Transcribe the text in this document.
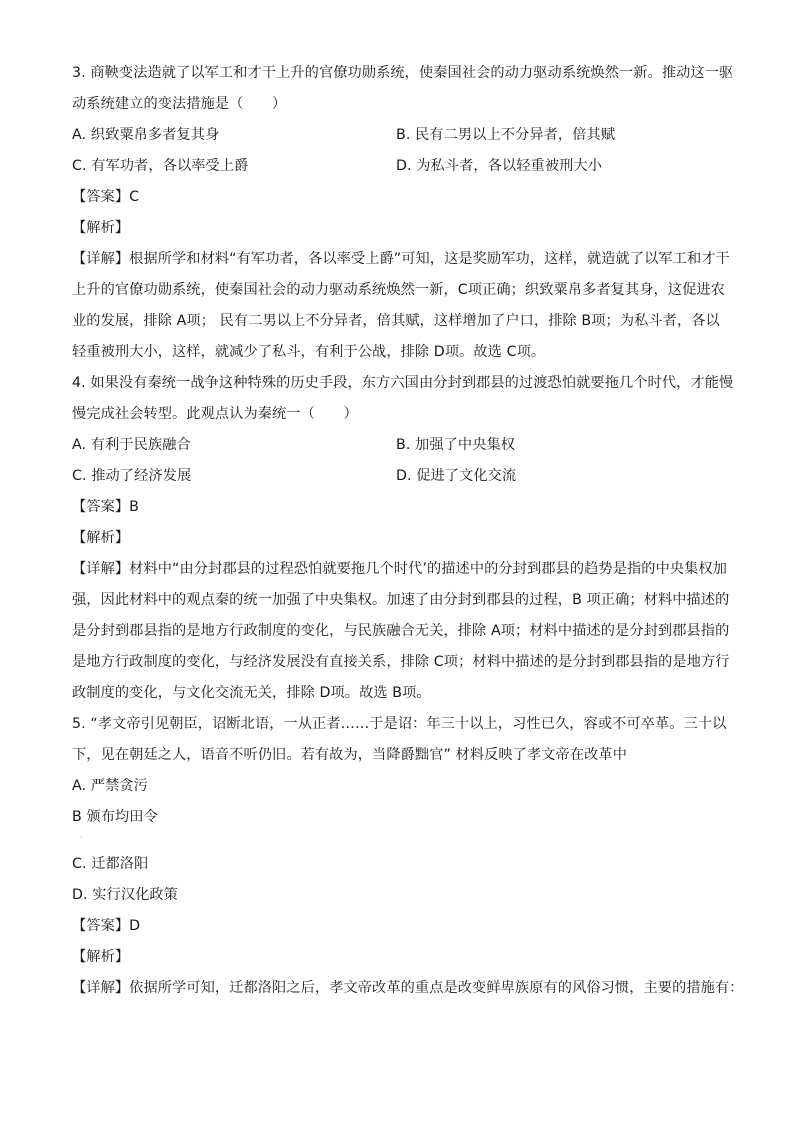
3. 商鞅变法造就了以军工和才干上升的官僚功勋系统，使秦国社会的动力驱动系统焕然一新。推动这一驱
动系统建立的变法措施是（　　）
A. 织致粟帛多者复其身	B. 民有二男以上不分异者，倍其赋
C. 有军功者，各以率受上爵	D. 为私斗者，各以轻重被刑大小
【答案】C
【解析】
【详解】根据所学和材料“有军功者，各以率受上爵”可知，这是奖励军功，这样，就造就了以军工和才干
上升的官僚功勋系统，使秦国社会的动力驱动系统焕然一新，C项正确；织致粟帛多者复其身，这促进农
业的发展，排除 A项； 民有二男以上不分异者，倍其赋，这样增加了户口，排除 B项；为私斗者，各以
轻重被刑大小，这样，就减少了私斗，有利于公战，排除 D项。故选 C项。
4. 如果没有秦统一战争这种特殊的历史手段，东方六国由分封到郡县的过渡恐怕就要拖几个时代，才能慢
慢完成社会转型。此观点认为秦统一（　　）
A. 有利于民族融合	B. 加强了中央集权
C. 推动了经济发展	D. 促进了文化交流
【答案】B
【解析】
【详解】材料中“由分封郡县的过程恐怕就要拖几个时代’的描述中的分封到郡县的趋势是指的中央集权加
强，因此材料中的观点秦的统一加强了中央集权。加速了由分封到郡县的过程，B 项正确；材料中描述的
是分封到郡县指的是地方行政制度的变化，与民族融合无关，排除 A项；材料中描述的是分封到郡县指的
是地方行政制度的变化，与经济发展没有直接关系，排除 C项；材料中描述的是分封到郡县指的是地方行
政制度的变化，与文化交流无关，排除 D项。故选 B项。
5. “孝文帝引见朝臣，诏断北语，一从正者……于是诏：年三十以上，习性已久，容或不可卒革。三十以
下，见在朝廷之人，语音不听仍旧。若有故为，当降爵黜官” 材料反映了孝文帝在改革中
A. 严禁贪污
B 颁布均田令
·
C. 迁都洛阳
D. 实行汉化政策
【答案】D
【解析】
【详解】依据所学可知，迁都洛阳之后，孝文帝改革的重点是改变鲜卑族原有的风俗习惯，主要的措施有：
